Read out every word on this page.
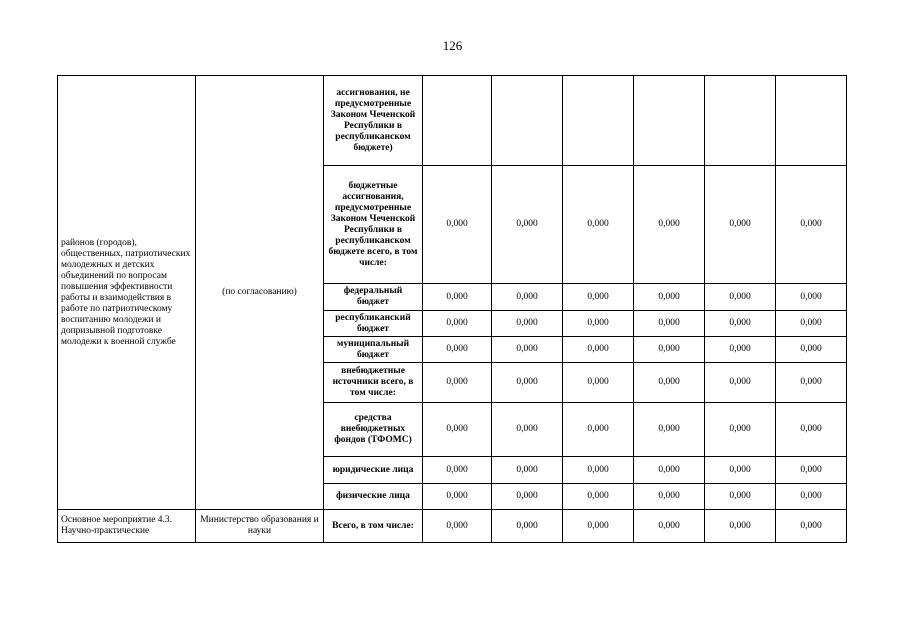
126
районов (городов), общественных, патриотических молодежных и детских объединений по вопросам повышения эффективности работы и взаимодействия в работе по патриотическому воспитанию молодежи и допризывной подготовке молодежи к военной службе	(по согласованию)	ассигнования, не предусмотренные Законом Чеченской Республики в республиканском бюджете)						
		бюджетные ассигнования, предусмотренные Законом Чеченской Республики в республиканском бюджете всего, в том числе:	0,000	0,000	0,000	0,000	0,000	0,000
		федеральный бюджет	0,000	0,000	0,000	0,000	0,000	0,000
		республиканский бюджет	0,000	0,000	0,000	0,000	0,000	0,000
		муниципальный бюджет	0,000	0,000	0,000	0,000	0,000	0,000
		внебюджетные источники всего, в том числе:	0,000	0,000	0,000	0,000	0,000	0,000
		средства внебюджетных фондов (ТФОМС)	0,000	0,000	0,000	0,000	0,000	0,000
		юридические лица	0,000	0,000	0,000	0,000	0,000	0,000
		физические лица	0,000	0,000	0,000	0,000	0,000	0,000
Основное мероприятие 4.3. Научно-практические	Министерство образования и науки	Всего, в том числе:	0,000	0,000	0,000	0,000	0,000	0,000
